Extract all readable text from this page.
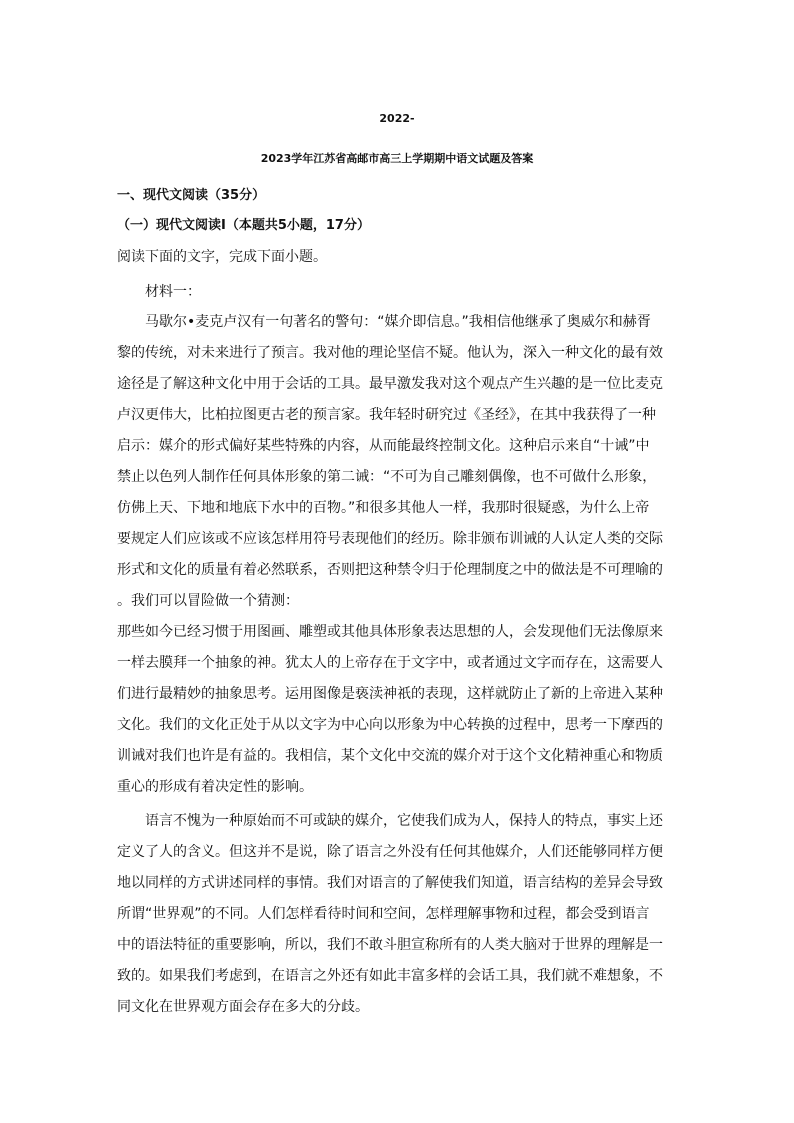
2022-
2023学年江苏省高邮市高三上学期期中语文试题及答案
一、现代文阅读（35分）
（一）现代文阅读I（本题共5小题，17分）
阅读下面的文字，完成下面小题。
材料一：
马歇尔•麦克卢汉有一句著名的警句：“媒介即信息。”我相信他继承了奥威尔和赫胥
黎的传统，对未来进行了预言。我对他的理论坚信不疑。他认为，深入一种文化的最有效
途径是了解这种文化中用于会话的工具。最早激发我对这个观点产生兴趣的是一位比麦克
卢汉更伟大，比柏拉图更古老的预言家。我年轻时研究过《圣经》，在其中我获得了一种
启示：媒介的形式偏好某些特殊的内容，从而能最终控制文化。这种启示来自“十诫”中
禁止以色列人制作任何具体形象的第二诫：“不可为自己雕刻偶像，也不可做什么形象，
仿佛上天、下地和地底下水中的百物。”和很多其他人一样，我那时很疑惑，为什么上帝
要规定人们应该或不应该怎样用符号表现他们的经历。除非颁布训诫的人认定人类的交际
形式和文化的质量有着必然联系，否则把这种禁令归于伦理制度之中的做法是不可理喻的
。我们可以冒险做一个猜测：
那些如今已经习惯于用图画、雕塑或其他具体形象表达思想的人，会发现他们无法像原来
一样去膜拜一个抽象的神。犹太人的上帝存在于文字中，或者通过文字而存在，这需要人
们进行最精妙的抽象思考。运用图像是亵渎神祇的表现，这样就防止了新的上帝进入某种
文化。我们的文化正处于从以文字为中心向以形象为中心转换的过程中，思考一下摩西的
训诫对我们也许是有益的。我相信，某个文化中交流的媒介对于这个文化精神重心和物质
重心的形成有着决定性的影响。
语言不愧为一种原始而不可或缺的媒介，它使我们成为人，保持人的特点，事实上还
定义了人的含义。但这并不是说，除了语言之外没有任何其他媒介，人们还能够同样方便
地以同样的方式讲述同样的事情。我们对语言的了解使我们知道，语言结构的差异会导致
所谓“世界观”的不同。人们怎样看待时间和空间，怎样理解事物和过程，都会受到语言
中的语法特征的重要影响，所以，我们不敢斗胆宣称所有的人类大脑对于世界的理解是一
致的。如果我们考虑到，在语言之外还有如此丰富多样的会话工具，我们就不难想象，不
同文化在世界观方面会存在多大的分歧。
